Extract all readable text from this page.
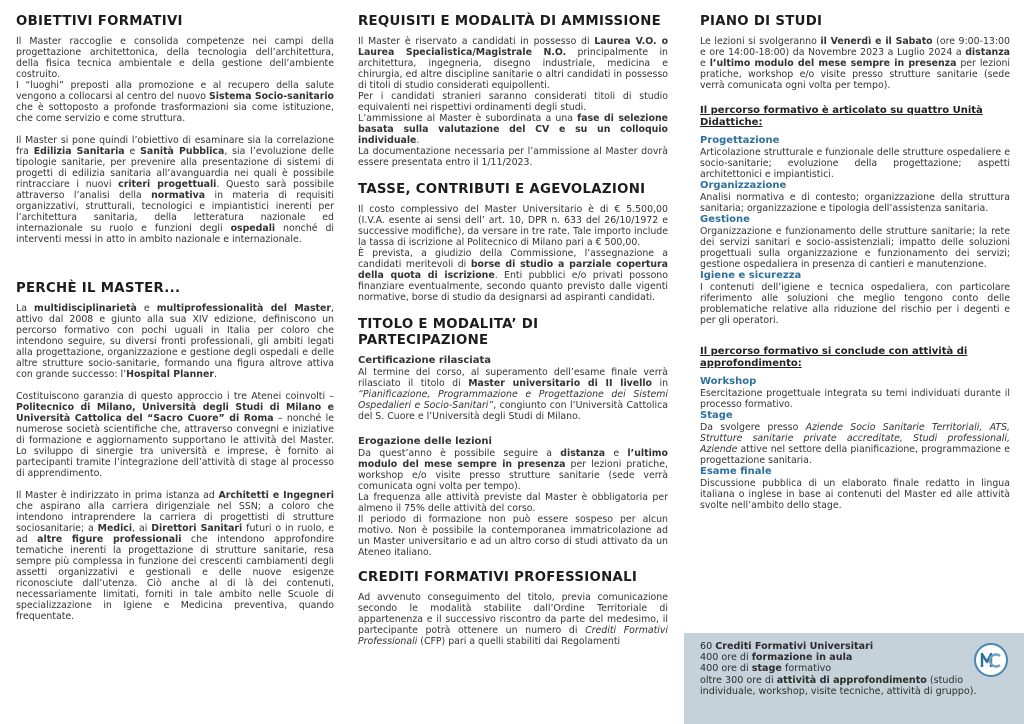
OBIETTIVI FORMATIVI

Il Master raccoglie e consolida competenze nei campi della progettazione architettonica, della tecnologia dell’architettura, della fisica tecnica ambientale e della gestione dell’ambiente costruito.

I “luoghi” preposti alla promozione e al recupero della salute vengono a collocarsi al centro del nuovo Sistema Socio-sanitario che è sottoposto a profonde trasformazioni sia come istituzione, che come servizio e come struttura.

Il Master si pone quindi l’obiettivo di esaminare sia la correlazione fra Edilizia Sanitaria e Sanità Pubblica, sia l’evoluzione delle tipologie sanitarie, per prevenire alla presentazione di sistemi di progetti di edilizia sanitaria all’avanguardia nei quali è possibile rintracciare i nuovi criteri progettuali. Questo sarà possibile attraverso l’analisi della normativa in materia di requisiti organizzativi, strutturali, tecnologici e impiantistici inerenti per l’architettura sanitaria, della letteratura nazionale ed internazionale su ruolo e funzioni degli ospedali nonché di interventi messi in atto in ambito nazionale e internazionale.

PERCHÈ IL MASTER...

La multidisciplinarietà e multiprofessionalità del Master, attivo dal 2008 e giunto alla sua XIV edizione, definiscono un percorso formativo con pochi uguali in Italia per coloro che intendono seguire, su diversi fronti professionali, gli ambiti legati alla progettazione, organizzazione e gestione degli ospedali e delle altre strutture socio-sanitarie, formando una figura altrove attiva con grande successo: l’Hospital Planner.

Costituiscono garanzia di questo approccio i tre Atenei coinvolti – Politecnico di Milano, Università degli Studi di Milano e Università Cattolica del “Sacro Cuore” di Roma – nonché le numerose società scientifiche che, attraverso convegni e iniziative di formazione e aggiornamento supportano le attività del Master. Lo sviluppo di sinergie tra università e imprese, è fornito ai partecipanti tramite l’integrazione dell’attività di stage al processo di apprendimento.

Il Master è indirizzato in prima istanza ad Architetti e Ingegneri che aspirano alla carriera dirigenziale nel SSN; a coloro che intendono intraprendere la carriera di progettisti di strutture sociosanitarie; a Medici, ai Direttori Sanitari futuri o in ruolo, e ad altre figure professionali che intendono approfondire tematiche inerenti la progettazione di strutture sanitarie, resa sempre più complessa in funzione dei crescenti cambiamenti degli assetti organizzativi e gestionali e delle nuove esigenze riconosciute dall’utenza. Ciò anche al di là dei contenuti, necessariamente limitati, forniti in tale ambito nelle Scuole di specializzazione in Igiene e Medicina preventiva, quando frequentate.

REQUISITI E MODALITÀ DI AMMISSIONE

Il Master è riservato a candidati in possesso di Laurea V.O. o Laurea Specialistica/Magistrale N.O. principalmente in architettura, ingegneria, disegno industriale, medicina e chirurgia, ed altre discipline sanitarie o altri candidati in possesso di titoli di studio considerati equipollenti.

Per i candidati stranieri saranno considerati titoli di studio equivalenti nei rispettivi ordinamenti degli studi.

L’ammissione al Master è subordinata a una fase di selezione basata sulla valutazione del CV e su un colloquio individuale.

La documentazione necessaria per l’ammissione al Master dovrà essere presentata entro il 1/11/2023.

TASSE, CONTRIBUTI E AGEVOLAZIONI

Il costo complessivo del Master Universitario è di € 5.500,00 (I.V.A. esente ai sensi dell’ art. 10, DPR n. 633 del 26/10/1972 e successive modifiche), da versare in tre rate. Tale importo include la tassa di iscrizione al Politecnico di Milano pari a € 500,00.

È prevista, a giudizio della Commissione, l’assegnazione a candidati meritevoli di borse di studio a parziale copertura della quota di iscrizione. Enti pubblici e/o privati possono finanziare eventualmente, secondo quanto previsto dalle vigenti normative, borse di studio da designarsi ad aspiranti candidati.

TITOLO E MODALITA’ DI PARTECIPAZIONE
Certificazione rilasciata

Al termine del corso, al superamento dell’esame finale verrà rilasciato il titolo di Master universitario di II livello in “Pianificazione, Programmazione e Progettazione dei Sistemi Ospedalieri e Socio-Sanitari”, congiunto con l’Università Cattolica del S. Cuore e l’Università degli Studi di Milano.

Erogazione delle lezioni

Da quest’anno è possibile seguire a distanza e l’ultimo modulo del mese sempre in presenza per lezioni pratiche, workshop e/o visite presso strutture sanitarie (sede verrà comunicata ogni volta per tempo).

La frequenza alle attività previste dal Master è obbligatoria per almeno il 75% delle attività del corso.

Il periodo di formazione non può essere sospeso per alcun motivo. Non è possibile la contemporanea immatricolazione ad un Master universitario e ad un altro corso di studi attivato da un Ateneo italiano.

CREDITI FORMATIVI PROFESSIONALI

Ad avvenuto conseguimento del titolo, previa comunicazione secondo le modalità stabilite dall’Ordine Territoriale di appartenenza e il successivo riscontro da parte del medesimo, il partecipante potrà ottenere un numero di Crediti Formativi Professionali (CFP) pari a quelli stabiliti dai Regolamenti

PIANO DI STUDI

Le lezioni si svolgeranno il Venerdì e il Sabato (ore 9:00-13:00 e ore 14:00-18:00) da Novembre 2023 a Luglio 2024 a distanza e l’ultimo modulo del mese sempre in presenza per lezioni pratiche, workshop e/o visite presso strutture sanitarie (sede verrà comunicata ogni volta per tempo).

Il percorso formativo è articolato su quattro Unità Didattiche:
Progettazione

Articolazione strutturale e funzionale delle strutture ospedaliere e socio-sanitarie; evoluzione della progettazione; aspetti architettonici e impiantistici.

Organizzazione

Analisi normativa e di contesto; organizzazione della struttura sanitaria; organizzazione e tipologia dell’assistenza sanitaria.

Gestione

Organizzazione e funzionamento delle strutture sanitarie; la rete dei servizi sanitari e socio-assistenziali; impatto delle soluzioni progettuali sulla organizzazione e funzionamento dei servizi; gestione ospedaliera in presenza di cantieri e manutenzione.

Igiene e sicurezza

I contenuti dell’igiene e tecnica ospedaliera, con particolare riferimento alle soluzioni che meglio tengono conto delle problematiche relative alla riduzione del rischio per i degenti e per gli operatori.

Il percorso formativo si conclude con attività di approfondimento:
Workshop

Esercitazione progettuale integrata su temi individuati durante il processo formativo.

Stage

Da svolgere presso Aziende Socio Sanitarie Territoriali, ATS, Strutture sanitarie private accreditate, Studi professionali, Aziende attive nel settore della pianificazione, programmazione e progettazione sanitaria.

Esame finale

Discussione pubblica di un elaborato finale redatto in lingua italiana o inglese in base ai contenuti del Master ed alle attività svolte nell’ambito dello stage.

60 Crediti Formativi Universitari

400 ore di formazione in aula

400 ore di stage formativo

oltre 300 ore di attività di approfondimento (studio individuale, workshop, visite tecniche, attività di gruppo).
